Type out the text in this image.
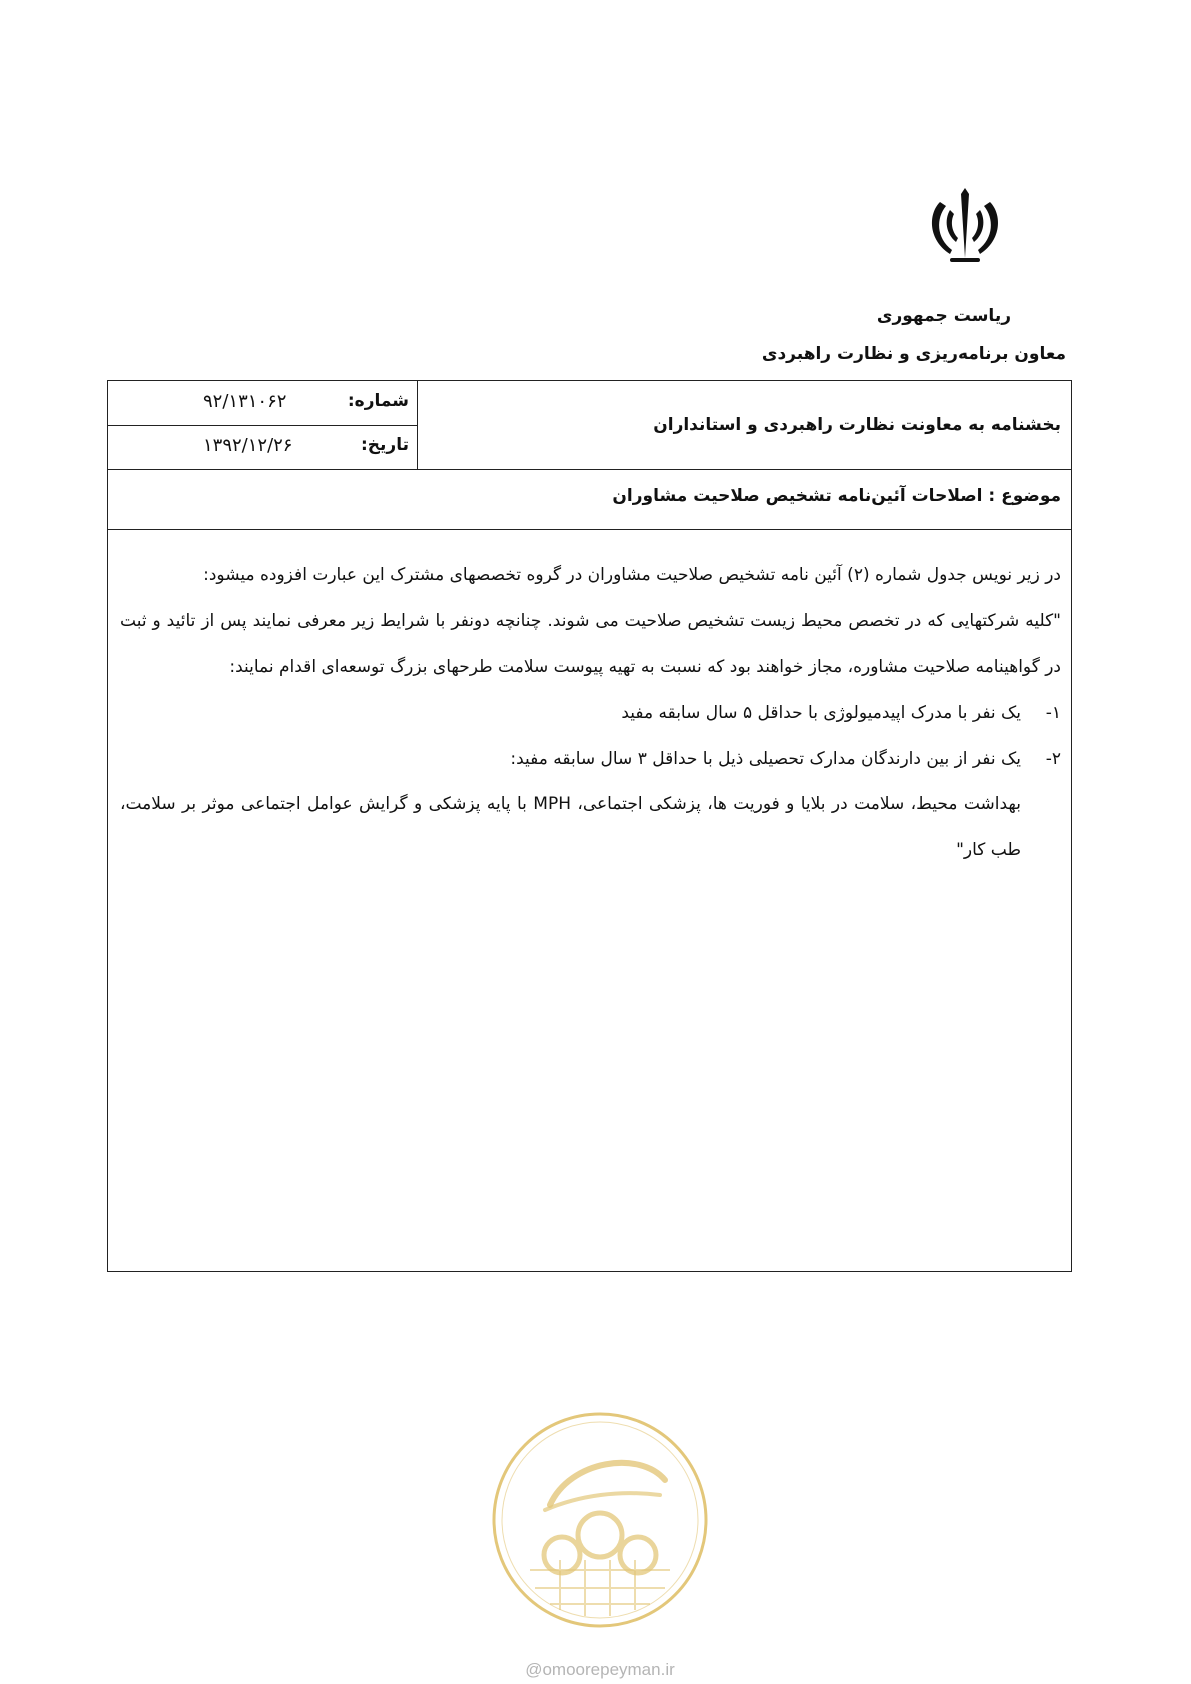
ریاست جمهوری
معاون برنامه‌ریزی و نظارت راهبردی
بخشنامه به معاونت نظارت راهبردی و استانداران
شماره:
۹۲/۱۳۱۰۶۲
تاریخ:
۱۳۹۲/۱۲/۲۶
موضوع : اصلاحات آئین‌نامه تشخیص صلاحیت مشاوران

در زیر نویس جدول شماره (۲) آئین نامه تشخیص صلاحیت مشاوران در گروه تخصصهای مشترک این عبارت افزوده میشود:

"کلیه شرکتهایی که در تخصص محیط زیست تشخیص صلاحیت می شوند. چنانچه دونفر با شرایط زیر معرفی نمایند پس از تائید و ثبت در گواهینامه صلاحیت مشاوره، مجاز خواهند بود که نسبت به تهیه پیوست سلامت طرحهای بزرگ توسعه‌ای اقدام نمایند:

۱-
یک نفر با مدرک اپیدمیولوژی با حداقل ۵ سال سابقه مفید

۲-
یک نفر از بین دارندگان مدارک تحصیلی ذیل با حداقل ۳ سال سابقه مفید:

بهداشت محیط، سلامت در بلایا و فوریت ها، پزشکی اجتماعی، MPH با پایه پزشکی و گرایش عوامل اجتماعی موثر بر سلامت، طب کار"

@omoorepeyman.ir
